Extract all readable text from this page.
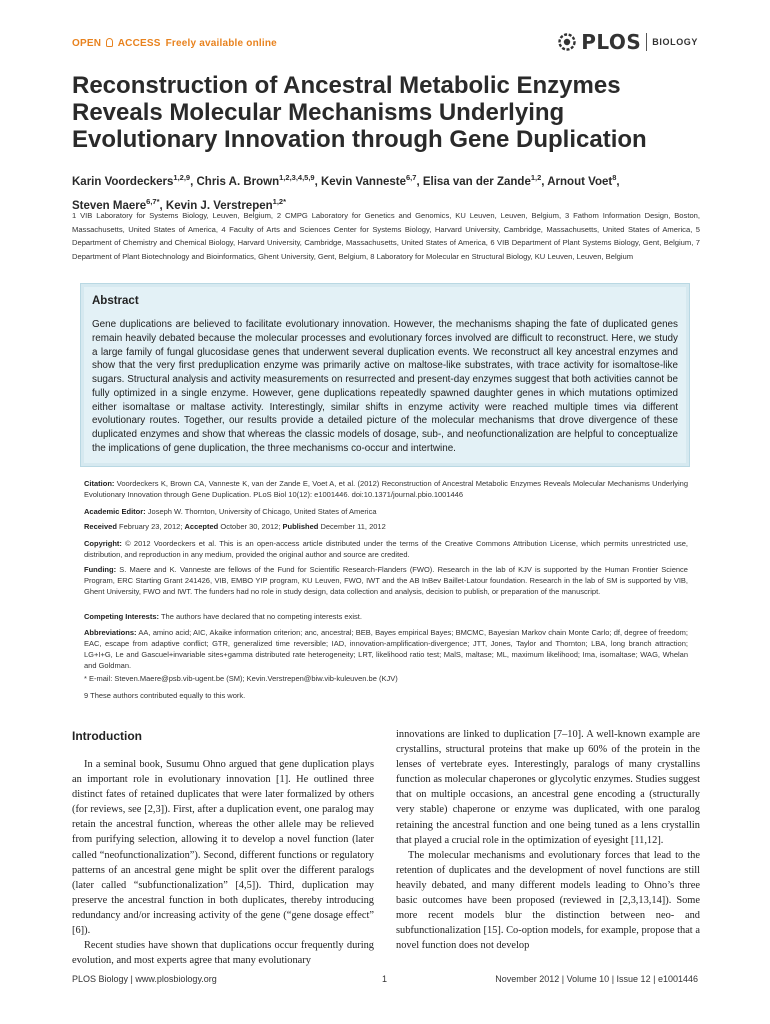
OPEN ACCESS Freely available online	PLOS BIOLOGY
Reconstruction of Ancestral Metabolic Enzymes Reveals Molecular Mechanisms Underlying Evolutionary Innovation through Gene Duplication
Karin Voordeckers$^{1,2,9}$, Chris A. Brown$^{1,2,3,4,5,9}$, Kevin Vanneste$^{6,7}$, Elisa van der Zande$^{1,2}$, Arnout Voet$^8$,
Steven Maere$^{6,7*}$, Kevin J. Verstrepen$^{1,2*}$
1 VIB Laboratory for Systems Biology, Leuven, Belgium, 2 CMPG Laboratory for Genetics and Genomics, KU Leuven, Leuven, Belgium, 3 Fathom Information Design, Boston, Massachusetts, United States of America, 4 Faculty of Arts and Sciences Center for Systems Biology, Harvard University, Cambridge, Massachusetts, United States of America, 5 Department of Chemistry and Chemical Biology, Harvard University, Cambridge, Massachusetts, United States of America, 6 VIB Department of Plant Systems Biology, Gent, Belgium, 7 Department of Plant Biotechnology and Bioinformatics, Ghent University, Gent, Belgium, 8 Laboratory for Molecular en Structural Biology, KU Leuven, Leuven, Belgium
Abstract
Gene duplications are believed to facilitate evolutionary innovation. However, the mechanisms shaping the fate of duplicated genes remain heavily debated because the molecular processes and evolutionary forces involved are difficult to reconstruct. Here, we study a large family of fungal glucosidase genes that underwent several duplication events. We reconstruct all key ancestral enzymes and show that the very first preduplication enzyme was primarily active on maltose-like substrates, with trace activity for isomaltose-like sugars. Structural analysis and activity measurements on resurrected and present-day enzymes suggest that both activities cannot be fully optimized in a single enzyme. However, gene duplications repeatedly spawned daughter genes in which mutations optimized either isomaltase or maltase activity. Interestingly, similar shifts in enzyme activity were reached multiple times via different evolutionary routes. Together, our results provide a detailed picture of the molecular mechanisms that drove divergence of these duplicated enzymes and show that whereas the classic models of dosage, sub-, and neofunctionalization are helpful to conceptualize the implications of gene duplication, the three mechanisms co-occur and intertwine.
Citation: Voordeckers K, Brown CA, Vanneste K, van der Zande E, Voet A, et al. (2012) Reconstruction of Ancestral Metabolic Enzymes Reveals Molecular Mechanisms Underlying Evolutionary Innovation through Gene Duplication. PLoS Biol 10(12): e1001446. doi:10.1371/journal.pbio.1001446
Academic Editor: Joseph W. Thornton, University of Chicago, United States of America
Received February 23, 2012; Accepted October 30, 2012; Published December 11, 2012
Copyright: © 2012 Voordeckers et al. This is an open-access article distributed under the terms of the Creative Commons Attribution License, which permits unrestricted use, distribution, and reproduction in any medium, provided the original author and source are credited.
Funding: S. Maere and K. Vanneste are fellows of the Fund for Scientific Research-Flanders (FWO). Research in the lab of KJV is supported by the Human Frontier Science Program, ERC Starting Grant 241426, VIB, EMBO YIP program, KU Leuven, FWO, IWT and the AB InBev Baillet-Latour foundation. Research in the lab of SM is supported by VIB, Ghent University, FWO and IWT. The funders had no role in study design, data collection and analysis, decision to publish, or preparation of the manuscript.
Competing Interests: The authors have declared that no competing interests exist.
Abbreviations: AA, amino acid; AIC, Akaike information criterion; anc, ancestral; BEB, Bayes empirical Bayes; BMCMC, Bayesian Markov chain Monte Carlo; df, degree of freedom; EAC, escape from adaptive conflict; GTR, generalized time reversible; IAD, innovation-amplification-divergence; JTT, Jones, Taylor and Thornton; LBA, long branch attraction; LG+I+G, Le and Gascuel+invariable sites+gamma distributed rate heterogeneity; LRT, likelihood ratio test; MalS, maltase; ML, maximum likelihood; Ima, isomaltase; WAG, Whelan and Goldman.
* E-mail: Steven.Maere@psb.vib-ugent.be (SM); Kevin.Verstrepen@biw.vib-kuleuven.be (KJV)
9 These authors contributed equally to this work.
Introduction

In a seminal book, Susumu Ohno argued that gene duplication plays an important role in evolutionary innovation [1]. He outlined three distinct fates of retained duplicates that were later formalized by others (for reviews, see [2,3]). First, after a duplication event, one paralog may retain the ancestral function, whereas the other allele may be relieved from purifying selection, allowing it to develop a novel function (later called “neofunctionalization”). Second, different functions or regulatory patterns of an ancestral gene might be split over the different paralogs (later called “subfunctionalization” [4,5]). Third, duplication may preserve the ancestral function in both duplicates, thereby introducing redundancy and/or increasing activity of the gene (“gene dosage effect” [6]).

Recent studies have shown that duplications occur frequently during evolution, and most experts agree that many evolutionary

innovations are linked to duplication [7–10]. A well-known example are crystallins, structural proteins that make up 60% of the protein in the lenses of vertebrate eyes. Interestingly, paralogs of many crystallins function as molecular chaperones or glycolytic enzymes. Studies suggest that on multiple occasions, an ancestral gene encoding a (structurally very stable) chaperone or enzyme was duplicated, with one paralog retaining the ancestral function and one being tuned as a lens crystallin that played a crucial role in the optimization of eyesight [11,12].

The molecular mechanisms and evolutionary forces that lead to the retention of duplicates and the development of novel functions are still heavily debated, and many different models leading to Ohno’s three basic outcomes have been proposed (reviewed in [2,3,13,14]). Some more recent models blur the distinction between neo- and subfunctionalization [15]. Co-option models, for example, propose that a novel function does not develop

PLOS Biology | www.plosbiology.org	1	November 2012 | Volume 10 | Issue 12 | e1001446
